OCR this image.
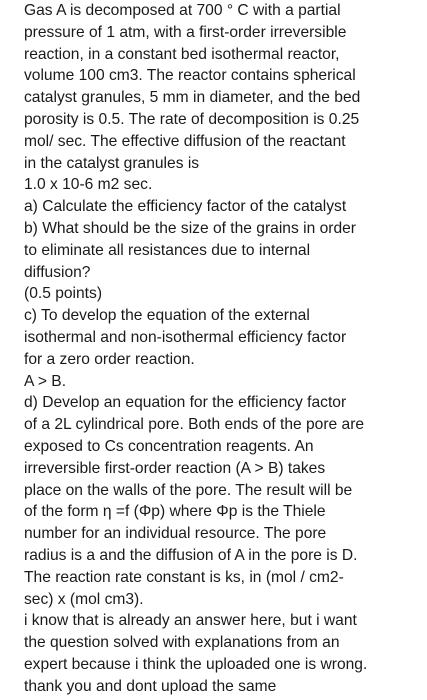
Gas A is decomposed at 700 ° C with a partial
pressure of 1 atm, with a first-order irreversible
reaction, in a constant bed isothermal reactor,
volume 100 cm3. The reactor contains spherical
catalyst granules, 5 mm in diameter, and the bed
porosity is 0.5. The rate of decomposition is 0.25
mol/ sec. The effective diffusion of the reactant
in the catalyst granules is
1.0 x 10-6 m2 sec.
a) Calculate the efficiency factor of the catalyst
b) What should be the size of the grains in order
to eliminate all resistances due to internal
diffusion?
(0.5 points)
c) To develop the equation of the external
isothermal and non-isothermal efficiency factor
for a zero order reaction.
A > B.
d) Develop an equation for the efficiency factor
of a 2L cylindrical pore. Both ends of the pore are
exposed to Cs concentration reagents. An
irreversible first-order reaction (A > B) takes
place on the walls of the pore. The result will be
of the form η =f (Φp) where Φp is the Thiele
number for an individual resource. The pore
radius is a and the diffusion of A in the pore is D.
The reaction rate constant is ks, in (mol / cm2-
sec) x (mol cm3).
i know that is already an answer here, but i want
the question solved with explanations from an
expert because i think the uploaded one is wrong.
thank you and dont upload the same
